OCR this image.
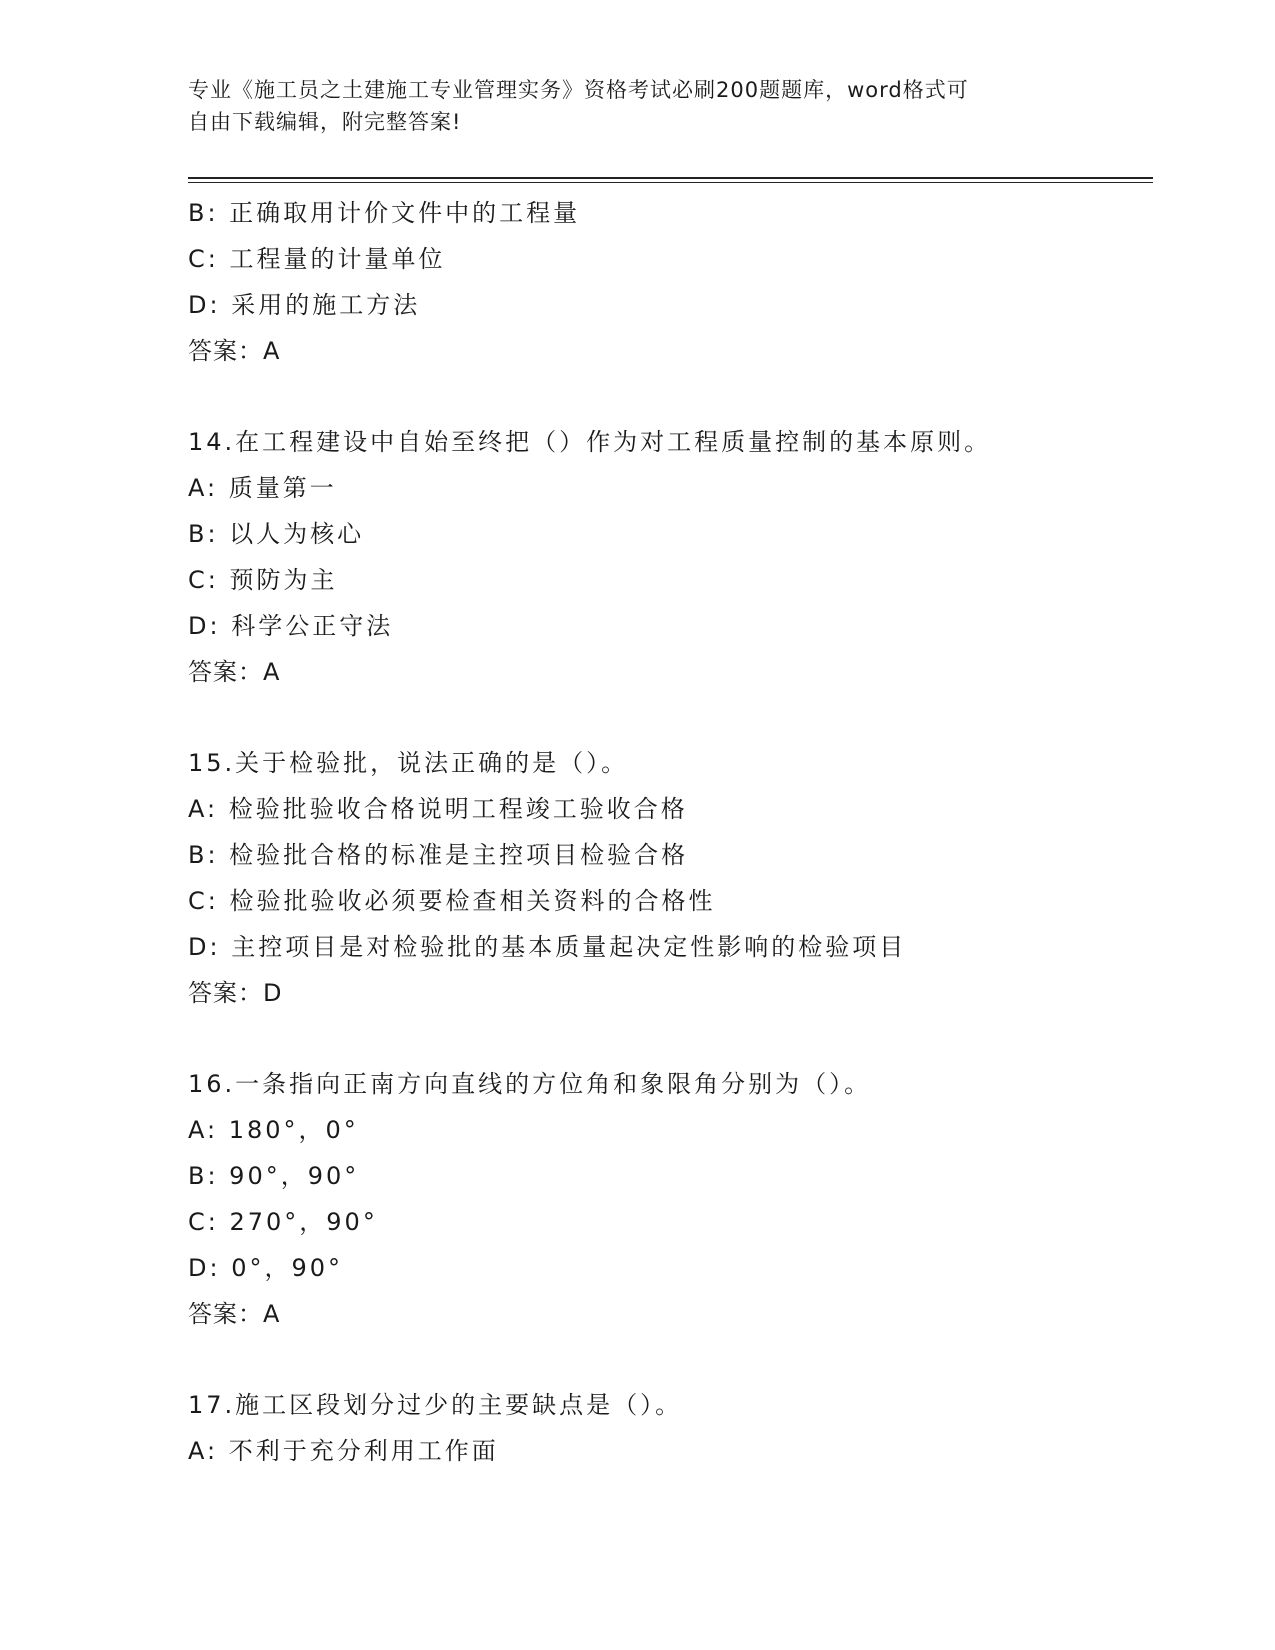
专业《施工员之土建施工专业管理实务》资格考试必刷200题题库，word格式可
自由下载编辑，附完整答案!
B: 正确取用计价文件中的工程量
C: 工程量的计量单位
D: 采用的施工方法
答案：A
14.在工程建设中自始至终把（）作为对工程质量控制的基本原则。
A: 质量第一
B: 以人为核心
C: 预防为主
D: 科学公正守法
答案：A
15.关于检验批，说法正确的是（）。
A: 检验批验收合格说明工程竣工验收合格
B: 检验批合格的标准是主控项目检验合格
C: 检验批验收必须要检查相关资料的合格性
D: 主控项目是对检验批的基本质量起决定性影响的检验项目
答案：D
16.一条指向正南方向直线的方位角和象限角分别为（）。
A: 180°，0°
B: 90°，90°
C: 270°，90°
D: 0°，90°
答案：A
17.施工区段划分过少的主要缺点是（）。
A: 不利于充分利用工作面
